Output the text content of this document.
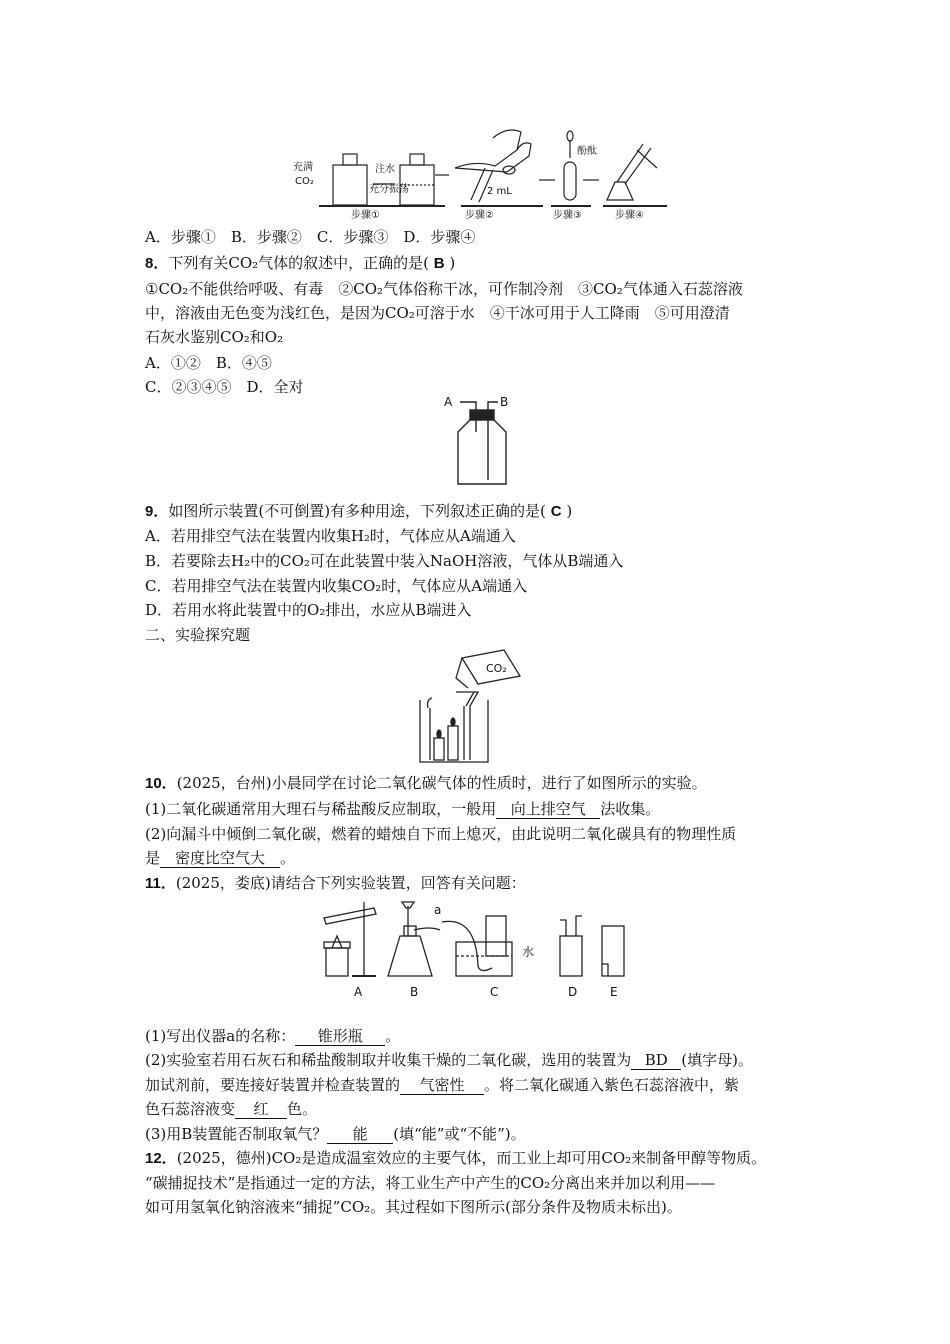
充满
CO₂
注水
充分振荡	2 mL
酚酞
步骤①	步骤②	步骤③	步骤④
A．步骤①　B．步骤②　C．步骤③　D．步骤④
8．下列有关CO₂气体的叙述中，正确的是( B )
①CO₂不能供给呼吸、有毒　②CO₂气体俗称干冰，可作制冷剂　③CO₂气体通入石蕊溶液
中，溶液由无色变为浅红色，是因为CO₂可溶于水　④干冰可用于人工降雨　⑤可用澄清
石灰水鉴别CO₂和O₂
A．①②　B．④⑤
C．②③④⑤　D．全对
A	B
9．如图所示装置(不可倒置)有多种用途，下列叙述正确的是( C )
A．若用排空气法在装置内收集H₂时，气体应从A端通入
B．若要除去H₂中的CO₂可在此装置中装入NaOH溶液，气体从B端通入
C．若用排空气法在装置内收集CO₂时，气体应从A端通入
D．若用水将此装置中的O₂排出，水应从B端进入
二、实验探究题
CO₂
10．(2025，台州)小晨同学在讨论二氧化碳气体的性质时，进行了如图所示的实验。
(1)二氧化碳通常用大理石与稀盐酸反应制取，一般用 向上排空气 法收集。
(2)向漏斗中倾倒二氧化碳，燃着的蜡烛自下而上熄灭，由此说明二氧化碳具有的物理性质
是 密度比空气大 。
11．(2025，娄底)请结合下列实验装置，回答有关问题：
a
水
A	B	C	D	E
(1)写出仪器a的名称： 锥形瓶 。
(2)实验室若用石灰石和稀盐酸制取并收集干燥的二氧化碳，选用的装置为 BD (填字母)。
加试剂前，要连接好装置并检查装置的 气密性 。将二氧化碳通入紫色石蕊溶液中，紫
色石蕊溶液变 红 色。
(3)用B装置能否制取氧气？ 能 (填“能”或“不能”)。
12．(2025，德州)CO₂是造成温室效应的主要气体，而工业上却可用CO₂来制备甲醇等物质。
“碳捕捉技术”是指通过一定的方法，将工业生产中产生的CO₂分离出来并加以利用——
如可用氢氧化钠溶液来“捕捉”CO₂。其过程如下图所示(部分条件及物质未标出)。
